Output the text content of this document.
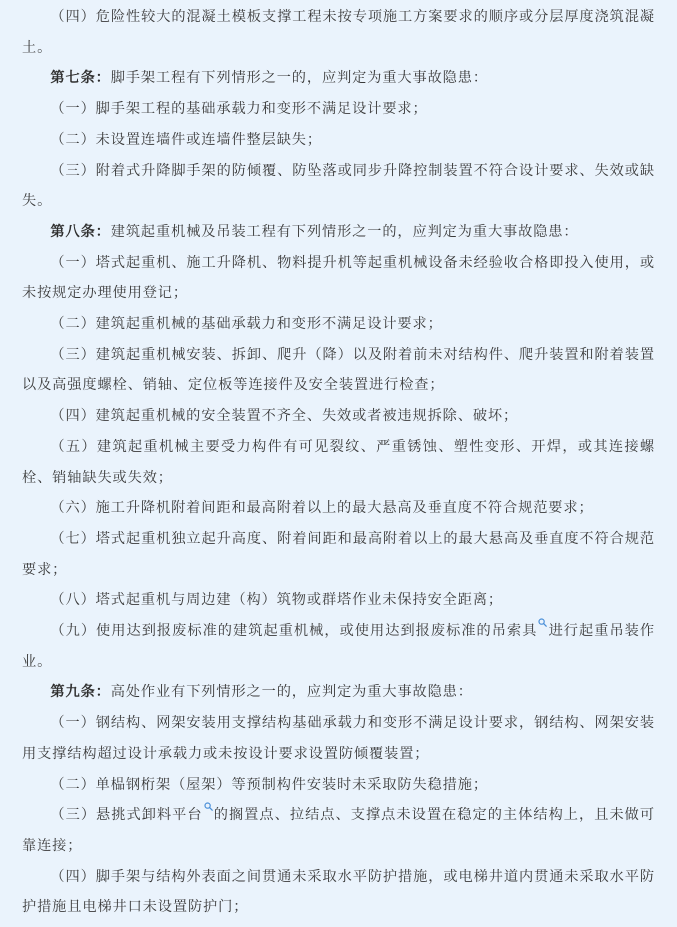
（四）危险性较大的混凝土模板支撑工程未按专项施工方案要求的顺序或分层厚度浇筑混凝土。

第七条：脚手架工程有下列情形之一的，应判定为重大事故隐患：

（一）脚手架工程的基础承载力和变形不满足设计要求；

（二）未设置连墙件或连墙件整层缺失；

（三）附着式升降脚手架的防倾覆、防坠落或同步升降控制装置不符合设计要求、失效或缺失。

第八条：建筑起重机械及吊装工程有下列情形之一的，应判定为重大事故隐患：

（一）塔式起重机、施工升降机、物料提升机等起重机械设备未经验收合格即投入使用，或未按规定办理使用登记；

（二）建筑起重机械的基础承载力和变形不满足设计要求；

（三）建筑起重机械安装、拆卸、爬升（降）以及附着前未对结构件、爬升装置和附着装置以及高强度螺栓、销轴、定位板等连接件及安全装置进行检查；

（四）建筑起重机械的安全装置不齐全、失效或者被违规拆除、破坏；

（五）建筑起重机械主要受力构件有可见裂纹、严重锈蚀、塑性变形、开焊，或其连接螺栓、销轴缺失或失效；

（六）施工升降机附着间距和最高附着以上的最大悬高及垂直度不符合规范要求；

（七）塔式起重机独立起升高度、附着间距和最高附着以上的最大悬高及垂直度不符合规范要求；

（八）塔式起重机与周边建（构）筑物或群塔作业未保持安全距离；

（九）使用达到报废标准的建筑起重机械，或使用达到报废标准的吊索具 进行起重吊装作业。

第九条：高处作业有下列情形之一的，应判定为重大事故隐患：

（一）钢结构、网架安装用支撑结构基础承载力和变形不满足设计要求，钢结构、网架安装用支撑结构超过设计承载力或未按设计要求设置防倾覆装置；

（二）单榀钢桁架（屋架）等预制构件安装时未采取防失稳措施；

（三）悬挑式卸料平台 的搁置点、拉结点、支撑点未设置在稳定的主体结构上，且未做可靠连接；

（四）脚手架与结构外表面之间贯通未采取水平防护措施，或电梯井道内贯通未采取水平防护措施且电梯井口未设置防护门；
